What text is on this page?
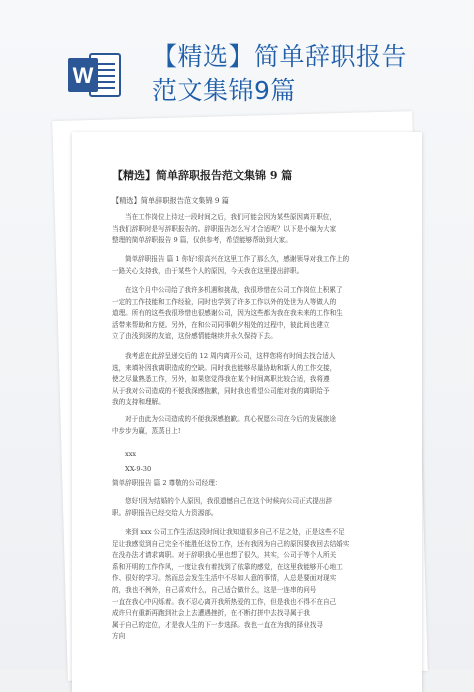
W
【精选】简单辞职报告
范文集锦9篇
【精选】简单辞职报告范文集锦 9 篇
【精选】简单辞职报告范文集锦 9 篇
当在工作岗位上待过一段时间之后，我们可能会因为某些原因离开职位，
当我们辞职时是写辞职报告的。辞职报告怎么写才合适呢？以下是小编为大家
整理的简单辞职报告 9 篇，仅供参考，希望能够帮助到大家。
简单辞职报告 篇 1 你好!很高兴在这里工作了那么久，感谢领导对我工作上的
一路关心支持我，由于某些个人的原因，今天我在这里提出辞职。
在这个月中公司给了我许多机遇和挑战，我很珍惜在公司工作岗位上积累了
一定的工作技能和工作经验，同时也学到了许多工作以外的处世为人等做人的
道理。所有的这些我很珍惜也很感谢公司，因为这些都为我在我未来的工作和生
活带来帮助和方便。另外，在和公司同事朝夕相处的过程中，彼此间也建立
立了由浅到深的友谊，这份感情能继续并永久保持下去。
我考虑在此辞呈递交后的 12 周内离开公司，这样您将有时间去找合适人
选，来填补因我离职造成的空缺。同时我也能够尽量协助和新人的工作交接，
使之尽量熟悉工作，另外，如果您觉得我在某个时间离职比较合适，我将遵
从于我对公司造成的不便我深感抱歉，同时我也希望公司能对我的离职给予
我的支持和理解。
对于由此为公司造成的不便我深感抱歉。真心祝愿公司在今后的发展旅途
中步步为赢，蒸蒸日上!
xxx
XX-9-30
简单辞职报告 篇 2 尊敬的公司经理：
您好!因为结婚的个人原因，我很遗憾自己在这个时候向公司正式提出辞
职。辞职报告已经交给人力资源部。
来到 xxx 公司工作生活这段时间让我知道很多自己不足之处，正是这些不足
足让我感觉到自己完全不能胜任这份工作，还有我因为自己的原因要我回去结婚实
在没办法才请求离职。对于辞职我心里也想了很久，其实，公司于等个人所关
系和开明的工作作风，一度让我有着找到了依靠的感觉，在这里我能够开心地工
作、很好的学习。然而总会发生生活中不尽如人意的事情，人总是要面对现实
的，我也不例外，自己喜欢什么，自己适合做什么，这是一连串的问号
一直在我心中闪烁着。我不忍心离开我所热爱的工作，但是我也不得不在自己
成许只有重新再跑到社会上去遭遇挫折，在不断打拼中去找寻属于我
属于自己的定位，才是我人生的下一步选择。我也一直在为我的择业找寻
方向
